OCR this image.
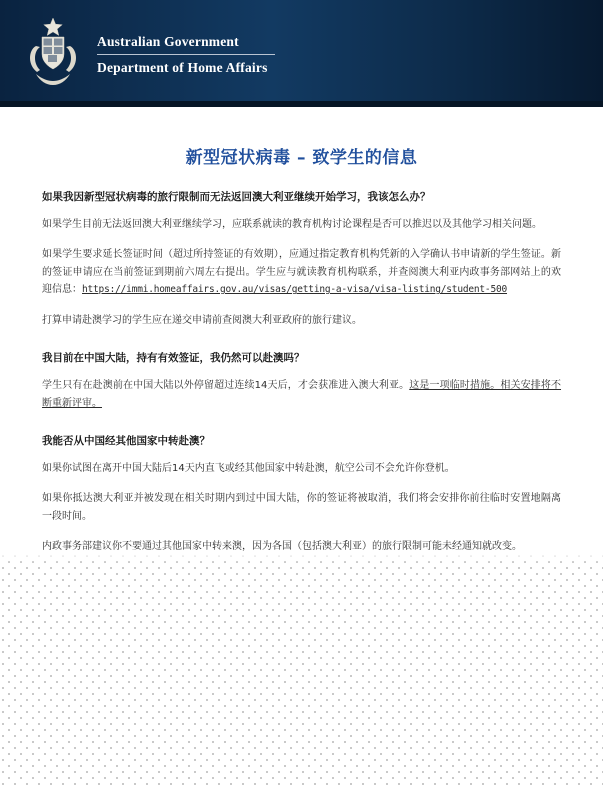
Australian Government
Department of Home Affairs
新型冠状病毒 – 致学生的信息

如果我因新型冠状病毒的旅行限制而无法返回澳大利亚继续开始学习，我该怎么办？

如果学生目前无法返回澳大利亚继续学习，应联系就读的教育机构讨论课程是否可以推迟以及其他学习相关问题。

如果学生要求延长签证时间（超过所持签证的有效期），应通过指定教育机构凭新的入学确认书申请新的学生签证。新的签证申请应在当前签证到期前六周左右提出。学生应与就读教育机构联系，并查阅澳大利亚内政事务部网站上的欢迎信息：https://immi.homeaffairs.gov.au/visas/getting-a-visa/visa-listing/student-500

打算申请赴澳学习的学生应在递交申请前查阅澳大利亚政府的旅行建议。

我目前在中国大陆，持有有效签证，我仍然可以赴澳吗？

学生只有在赴澳前在中国大陆以外停留超过连续14天后，才会获准进入澳大利亚。这是一项临时措施。相关安排将不断重新评审。

我能否从中国经其他国家中转赴澳？

如果你试图在离开中国大陆后14天内直飞或经其他国家中转赴澳，航空公司不会允许你登机。

如果你抵达澳大利亚并被发现在相关时期内到过中国大陆，你的签证将被取消，我们将会安排你前往临时安置地隔离一段时间。

内政事务部建议你不要通过其他国家中转来澳，因为各国（包括澳大利亚）的旅行限制可能未经通知就改变。
